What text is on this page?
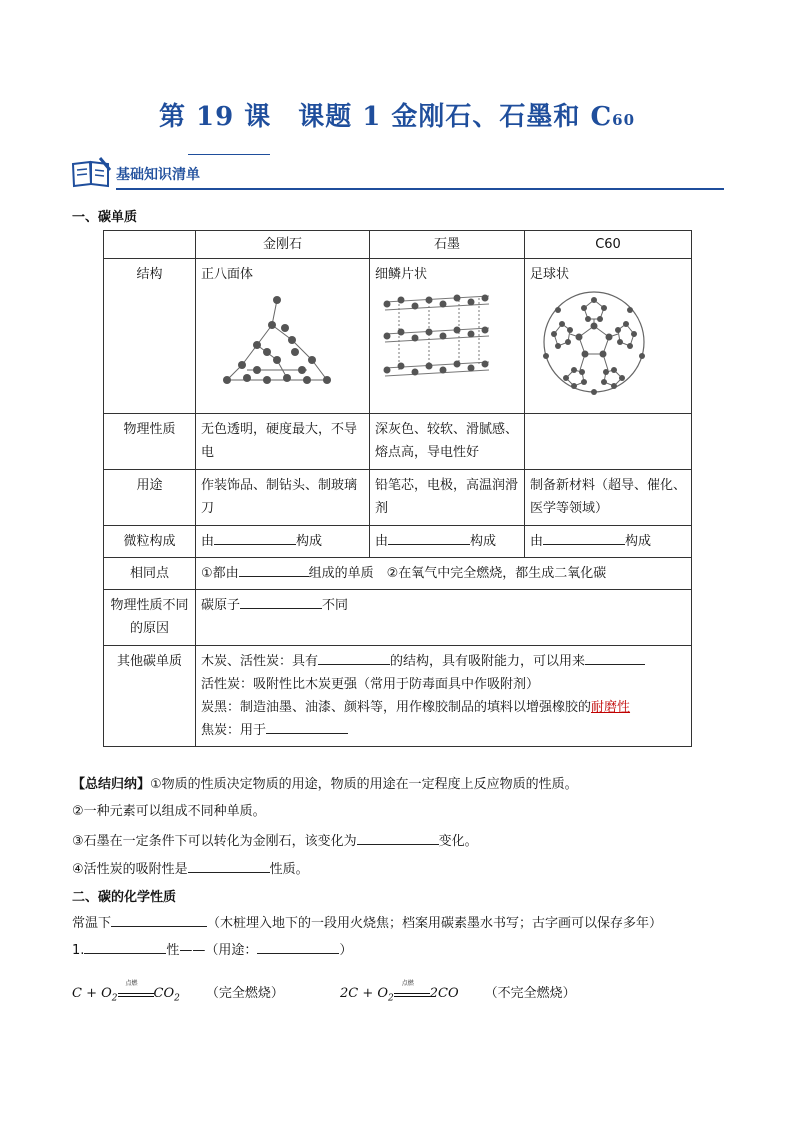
第 19 课　课题 1 金刚石、石墨和 C60
基础知识清单
一、碳单质
	金刚石	石墨	C60
结构	正八面体	细鳞片状	足球状

物理性质	无色透明，硬度最大，不导电	深灰色、较软、滑腻感、熔点高，导电性好	
用途	作装饰品、制钻头、制玻璃刀	铅笔芯，电极，高温润滑剂	制备新材料（超导、催化、医学等领域）
微粒构成	由 构成	由 构成	由 构成
相同点	①都由 组成的单质　②在氧气中完全燃烧，都生成二氧化碳		
物理性质不同的原因	碳原子 不同		
其他碳单质	木炭、活性炭：具有 的结构，具有吸附能力，可以用来
活性炭：吸附性比木炭更强（常用于防毒面具中作吸附剂）
炭黑：制造油墨、油漆、颜料等，用作橡胶制品的填料以增强橡胶的耐磨性
焦炭：用于		
【总结归纳】①物质的性质决定物质的用途，物质的用途在一定程度上反应物质的性质。
②一种元素可以组成不同种单质。
③石墨在一定条件下可以转化为金刚石，该变化为	变化。
④活性炭的吸附性是	性质。
二、碳的化学性质
常温下	（木桩埋入地下的一段用火烧焦；档案用碳素墨水书写；古字画可以保存多年）
1.	性——（用途：	）
$C + O_2$
点燃
$CO_2$ （完全燃烧）	$2C + O_2$
点燃
2CO （不完全燃烧）
